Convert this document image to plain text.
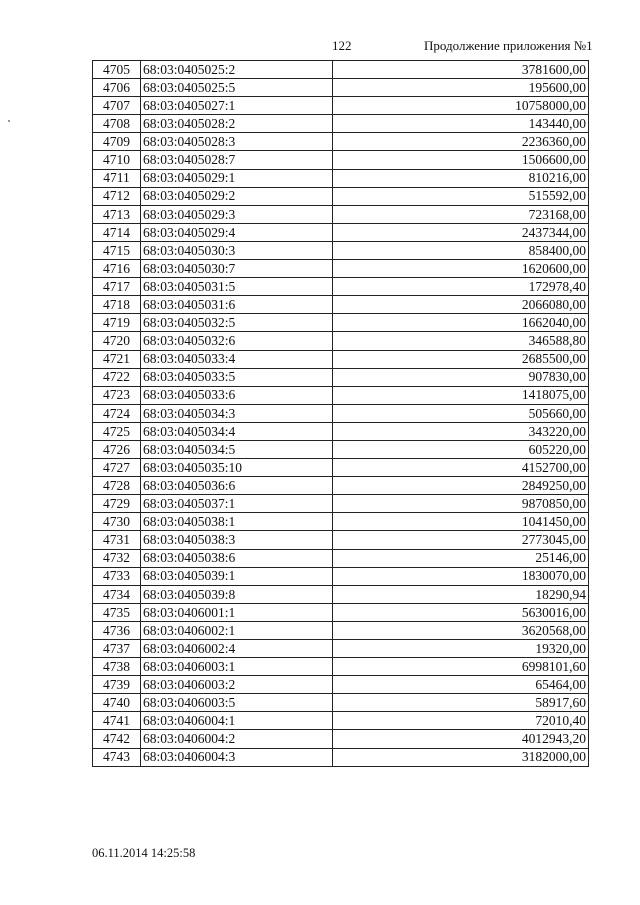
122	Продолжение приложения №1
4705	68:03:0405025:2	3781600,00
4706	68:03:0405025:5	195600,00
4707	68:03:0405027:1	10758000,00
4708	68:03:0405028:2	143440,00
4709	68:03:0405028:3	2236360,00
4710	68:03:0405028:7	1506600,00
4711	68:03:0405029:1	810216,00
4712	68:03:0405029:2	515592,00
4713	68:03:0405029:3	723168,00
4714	68:03:0405029:4	2437344,00
4715	68:03:0405030:3	858400,00
4716	68:03:0405030:7	1620600,00
4717	68:03:0405031:5	172978,40
4718	68:03:0405031:6	2066080,00
4719	68:03:0405032:5	1662040,00
4720	68:03:0405032:6	346588,80
4721	68:03:0405033:4	2685500,00
4722	68:03:0405033:5	907830,00
4723	68:03:0405033:6	1418075,00
4724	68:03:0405034:3	505660,00
4725	68:03:0405034:4	343220,00
4726	68:03:0405034:5	605220,00
4727	68:03:0405035:10	4152700,00
4728	68:03:0405036:6	2849250,00
4729	68:03:0405037:1	9870850,00
4730	68:03:0405038:1	1041450,00
4731	68:03:0405038:3	2773045,00
4732	68:03:0405038:6	25146,00
4733	68:03:0405039:1	1830070,00
4734	68:03:0405039:8	18290,94
4735	68:03:0406001:1	5630016,00
4736	68:03:0406002:1	3620568,00
4737	68:03:0406002:4	19320,00
4738	68:03:0406003:1	6998101,60
4739	68:03:0406003:2	65464,00
4740	68:03:0406003:5	58917,60
4741	68:03:0406004:1	72010,40
4742	68:03:0406004:2	4012943,20
4743	68:03:0406004:3	3182000,00
06.11.2014 14:25:58
